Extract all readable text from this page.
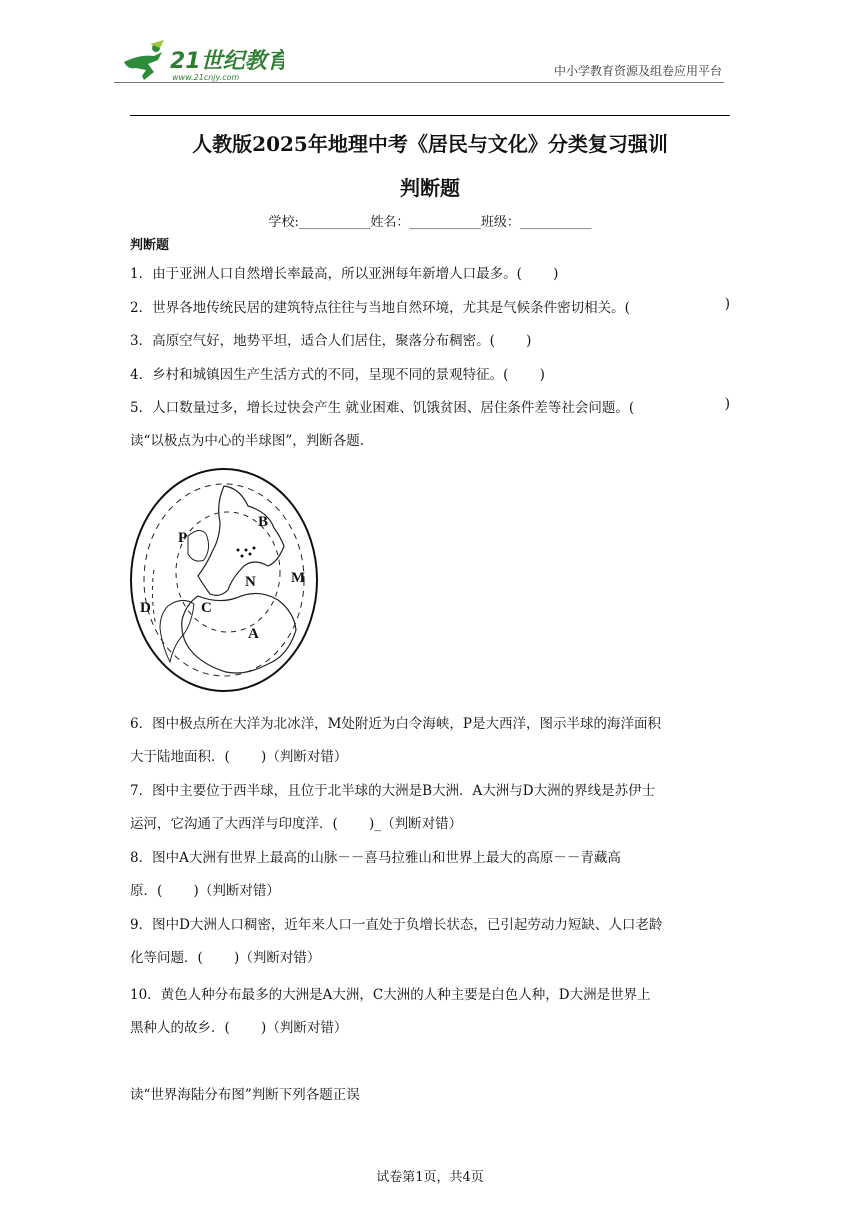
21世纪教育
www.21cnjy.com	中小学教育资源及组卷应用平台
人教版2025年地理中考《居民与文化》分类复习强训
判断题
学校:___________姓名：___________班级：___________
判断题
1．由于亚洲人口自然增长率最高，所以亚洲每年新增人口最多。(　　 )
2．世界各地传统民居的建筑特点往往与当地自然环境，尤其是气候条件密切相关。(	)
3．高原空气好，地势平坦，适合人们居住，聚落分布稠密。(　　 )
4．乡村和城镇因生产生活方式的不同，呈现不同的景观特征。(　　 )
5．人口数量过多，增长过快会产生 就业困难、饥饿贫困、居住条件差等社会问题。(	)
读“以极点为中心的半球图”，判断各题.
P
B
N M
D	C
A
6．图中极点所在大洋为北冰洋，M处附近为白令海峡，P是大西洋，图示半球的海洋面积
大于陆地面积．(　　 )（判断对错）
7．图中主要位于西半球，且位于北半球的大洲是B大洲．A大洲与D大洲的界线是苏伊士
运河，它沟通了大西洋与印度洋．(　　 )_（判断对错）
8．图中A大洲有世界上最高的山脉－－喜马拉雅山和世界上最大的高原－－青藏高
原．(　　 )（判断对错）
9．图中D大洲人口稠密，近年来人口一直处于负增长状态，已引起劳动力短缺、人口老龄
化等问题．(　　 )（判断对错）
10．黄色人种分布最多的大洲是A大洲，C大洲的人种主要是白色人种，D大洲是世界上
黑种人的故乡．(　　 )（判断对错）
读“世界海陆分布图”判断下列各题正误
试卷第1页，共4页
